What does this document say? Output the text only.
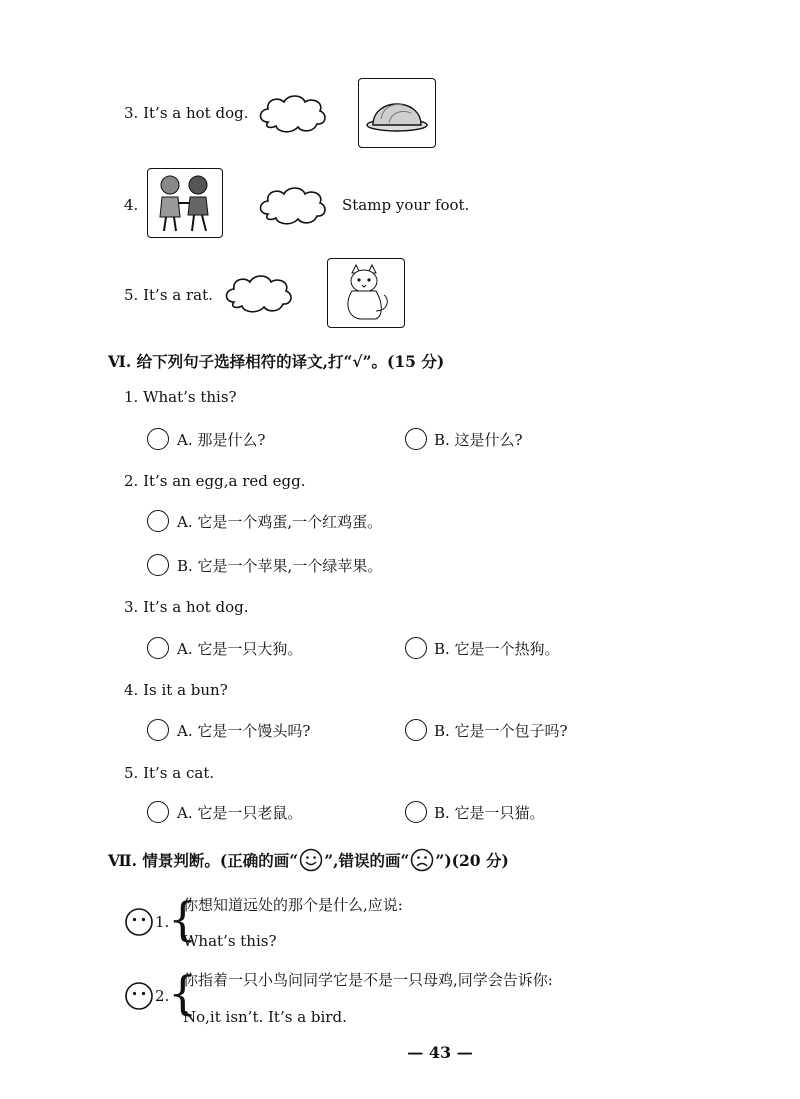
3. It’s a hot dog.
4.	Stamp your foot.
5. It’s a rat.
Ⅵ. 给下列句子选择相符的译文,打“√”。(15 分)
1. What’s this?
A. 那是什么?	B. 这是什么?
2. It’s an egg,a red egg.
A. 它是一个鸡蛋,一个红鸡蛋。
B. 它是一个苹果,一个绿苹果。
3. It’s a hot dog.
A. 它是一只大狗。	B. 它是一个热狗。
4. Is it a bun?
A. 它是一个馒头吗?	B. 它是一个包子吗?
5. It’s a cat.
A. 它是一只老鼠。	B. 它是一只猫。
Ⅶ. 情景判断。(正确的画“ ”,错误的画“ ”)(20 分)
1.
{
你想知道远处的那个是什么,应说:
What’s this?
2.
{
你指着一只小鸟问同学它是不是一只母鸡,同学会告诉你:
No,it isn’t. It’s a bird.
— 43 —
